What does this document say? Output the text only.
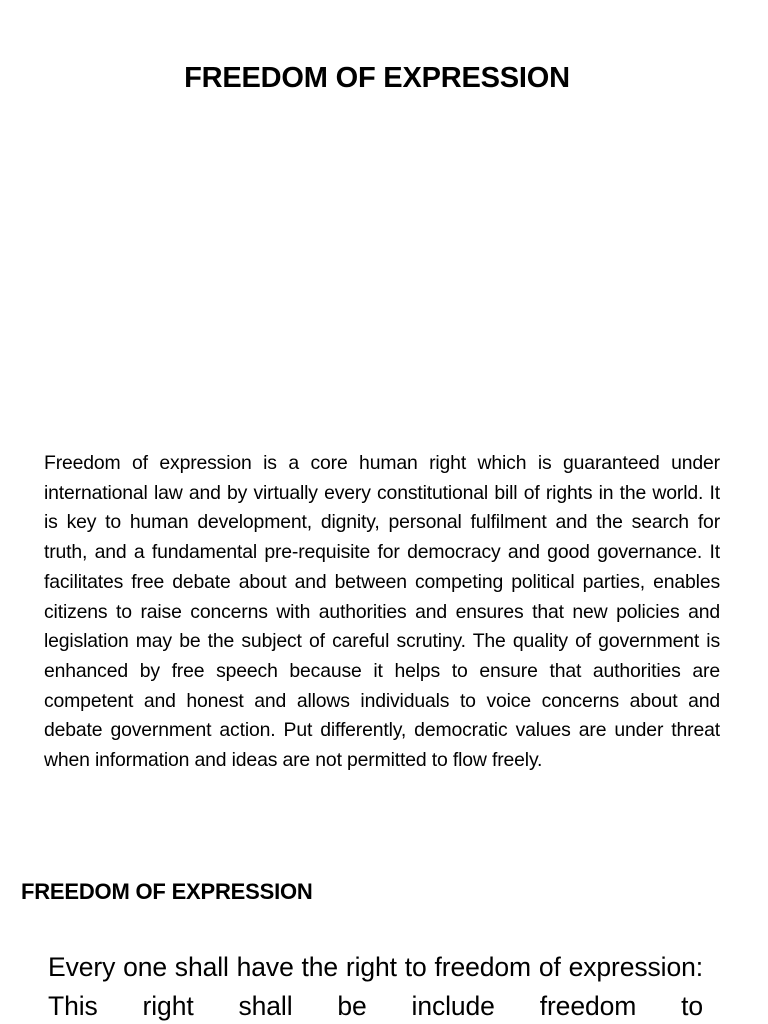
FREEDOM OF EXPRESSION

Freedom of expression is a core human right which is guaranteed under international law and by virtually every constitutional bill of rights in the world. It is key to human development, dignity, personal fulfilment and the search for truth, and a fundamental pre-requisite for democracy and good governance. It facilitates free debate about and between competing political parties, enables citizens to raise concerns with authorities and ensures that new policies and legislation may be the subject of careful scrutiny. The quality of government is enhanced by free speech because it helps to ensure that authorities are competent and honest and allows individuals to voice concerns about and debate government action. Put differently, democratic values are under threat when information and ideas are not permitted to flow freely.

FREEDOM OF EXPRESSION

Every one shall have the right to freedom of expression: This right shall be include freedom to
